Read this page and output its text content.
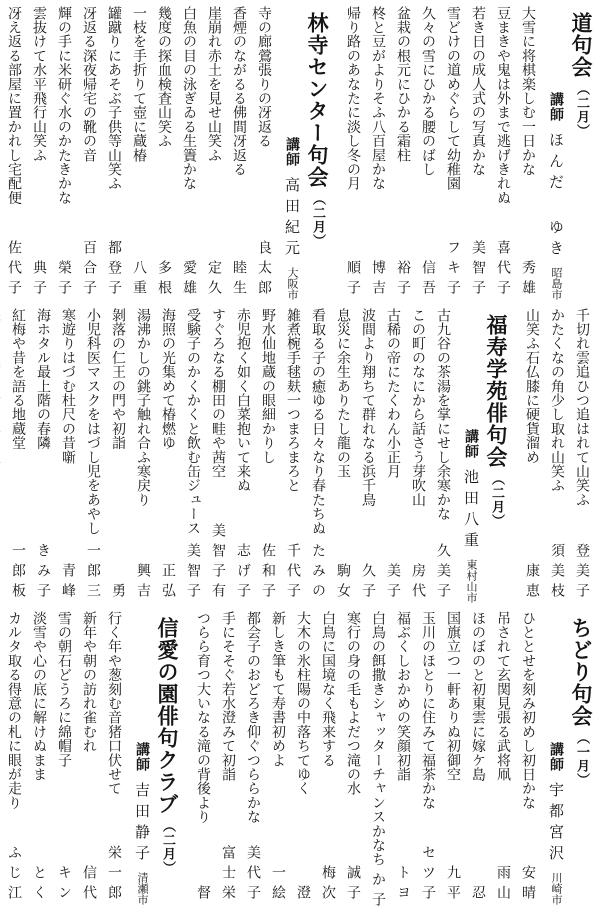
道句会（二月）
講師
ほんだ ゆき
昭島市
大雪に将棋楽しむ一日かな
秀雄
豆まきや鬼は外まで逃げきれぬ
喜代子
若き日の成人式の写真かな
美智子
雪どけの道めぐらして幼稚園
フキ子
久々の雪にひかる腰のばし
信吾
盆栽の根元にひかる霜柱
裕子
柊と豆がよりそふ八百屋かな
博吉
帰り路のあなたに淡し冬の月
順子
林寺センター句会（二月）
講師
高田紀元
大阪市
寺の廊鶯張りの冴返る
良太郎
香煙のながるる佛間冴返る
睦生
崖崩れ赤土を見せ山笑ふ
定久
白魚の目の泳ぎゐる生簀かな
愛雄
幾度の探血検査山笑ふ
多根
一枝を手折りて壺に蔵椿
八重
罐蹴りにあそぶ子供等山笑ふ
都登子
冴返る深夜帰宅の靴の音
百合子
輝の手に米研ぐ水のかたきかな
榮子
雲抜けて水平飛行山笑ふ
典子
冴え返る部屋に置かれし宅配便
佐代子
千切れ雲追ひつ追はれて山笑ふ
登美子
かたくなの角少し取れ山笑ふ
須美枝
山笑ふ石仏膝に硬貨溜め
康恵
福寿学苑俳句会（二月）
講師
池田八重
東村山市
古九谷の茶湯を掌にせし余寒かな
久美子
この町のなにから話さう芽吹山
房代
古稀の帝にたくわん小正月
美子
波間より翔ちて群れなる浜千鳥
久子
息災に余生ありたし龍の玉
駒女
看取る子の癒ゆる日々なり春たちぬ
たみの
雑煮椀手毬麸一つまろまろと
千代子
野水仙地蔵の眼細かりし
佐和子
赤児抱く如く白菜抱いて来ぬ
志げ子
すぐろなる棚田の畦や茜空
美智子有
受験子のかくかくと飲む缶ジュース
美智子
海照の光集めて椿燃ゆ
正弘
湯沸かしの銚子触れ合ふ寒戻り
興吉
剝落の仁王の門や初詣
勇
小児科医マスクをはづし児をあやし
一郎三
寒遊りはづむ杜尺の昔噺
青峰
海ホタル最上階の春隣
きみ子
紅梅や昔を語る地蔵堂
一郎板
ちどり句会（一月）
講師
宇都宮沢
川崎市
ひととせを刻み初めし初日かな
安晴
吊されて玄関見張る武将凧
雨山
ほのぼのと初東雲に嫁ケ島
忍
国旗立つ一軒ありぬ初御空
九平
玉川のほとりに住みて福茶かな
セツ子
福ぶくしおかめの笑顔初詣
トヨ
白鳥の餌撒きシャッターチャンスかな
ちか子
寒行の身の毛もよだつ滝の水
誠子
白鳥に国境なく飛来する
梅次
大木の氷柱陽の中落ちてゆく
澄
新しき筆もて寿書初めよ
一絵
都会子のおどろき仰ぐつららかな
美代子
手にそそぐ若水澄みて初詣
富士栄
つらら育つ大いなる滝の背後より
督
信愛の園俳句クラブ（二月）
講師
吉田静子
清瀬市
行く年や葱刻む音猪口伏せて
栄一郎
新年や朝の訪れ雀むれ
信代
雪の朝石どうろに綿帽子
キン
淡雪や心の底に解けぬまま
とく
カルタ取る得意の札に眼が走り
ふじ江
